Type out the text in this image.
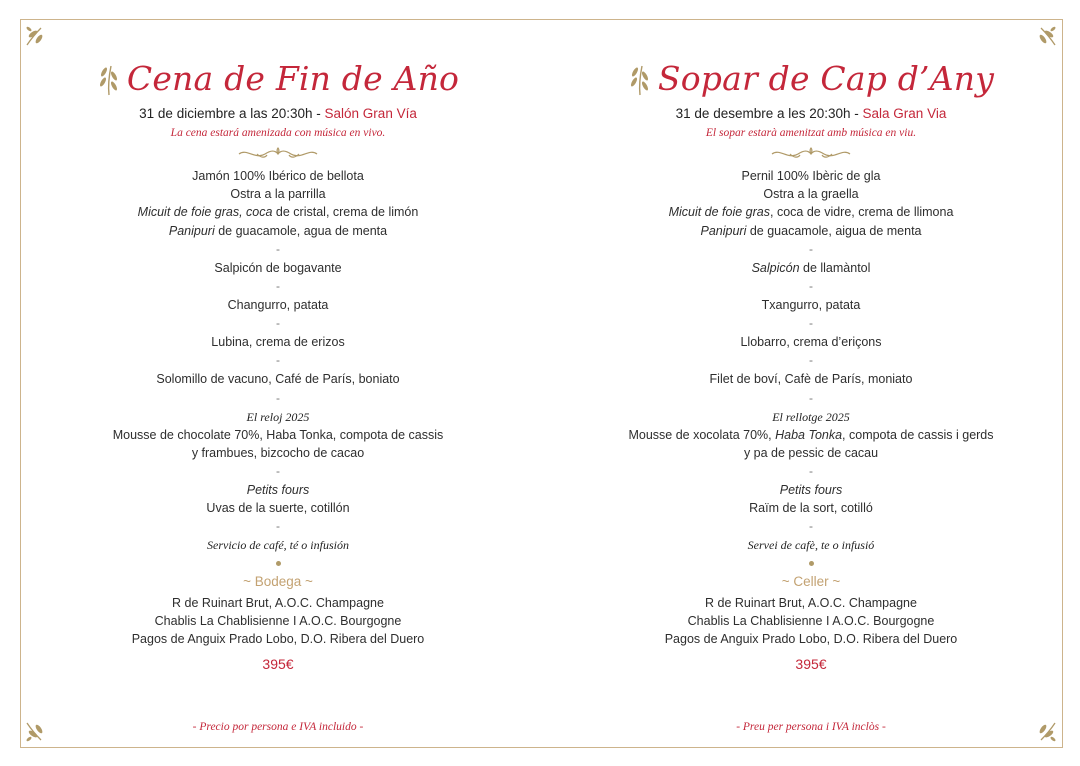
Cena de Fin de Año
31 de diciembre a las 20:30h - Salón Gran Vía
La cena estará amenizada con música en vivo.
Jamón 100% Ibérico de bellota
Ostra a la parrilla
Micuit de foie gras, coca de cristal, crema de limón
Panipuri de guacamole, agua de menta
-
Salpicón de bogavante
-
Changurro, patata
-
Lubina, crema de erizos
-
Solomillo de vacuno, Café de París, boniato
-
El reloj 2025
Mousse de chocolate 70%, Haba Tonka, compota de cassis
y frambues, bizcocho de cacao
-
Petits fours
Uvas de la suerte, cotillón
-
Servicio de café, té o infusión
~ Bodega ~
R de Ruinart Brut, A.O.C. Champagne
Chablis La Chablisienne I A.O.C. Bourgogne
Pagos de Anguix Prado Lobo, D.O. Ribera del Duero
395€
- Precio por persona e IVA incluido -
Sopar de Cap d’Any
31 de desembre a les 20:30h - Sala Gran Via
El sopar estarà amenitzat amb música en viu.
Pernil 100% Ibèric de gla
Ostra a la graella
Micuit de foie gras, coca de vidre, crema de llimona
Panipuri de guacamole, aigua de menta
-
Salpicón de llamàntol
-
Txangurro, patata
-
Llobarro, crema d’eriçons
-
Filet de boví, Cafè de París, moniato
-
El rellotge 2025
Mousse de xocolata 70%, Haba Tonka, compota de cassis i gerds
y pa de pessic de cacau
-
Petits fours
Raïm de la sort, cotilló
-
Servei de cafè, te o infusió
~ Celler ~
R de Ruinart Brut, A.O.C. Champagne
Chablis La Chablisienne I A.O.C. Bourgogne
Pagos de Anguix Prado Lobo, D.O. Ribera del Duero
395€
- Preu per persona i IVA inclòs -
